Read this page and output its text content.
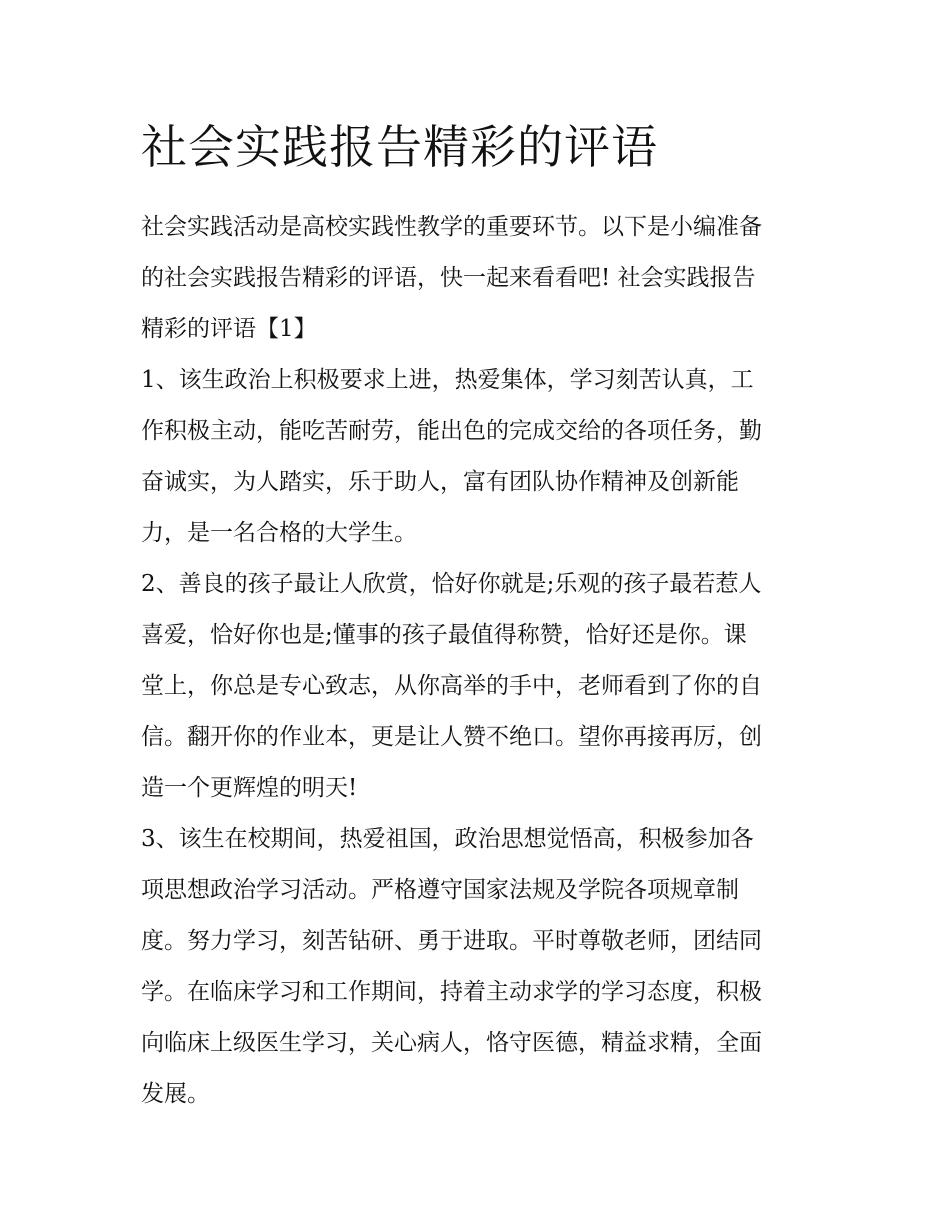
社会实践报告精彩的评语

社会实践活动是高校实践性教学的重要环节。以下是小编准备

的社会实践报告精彩的评语，快一起来看看吧! 社会实践报告

精彩的评语【1】

1、该生政治上积极要求上进，热爱集体，学习刻苦认真，工

作积极主动，能吃苦耐劳，能出色的完成交给的各项任务，勤

奋诚实，为人踏实，乐于助人，富有团队协作精神及创新能

力，是一名合格的大学生。

2、善良的孩子最让人欣赏，恰好你就是;乐观的孩子最若惹人

喜爱，恰好你也是;懂事的孩子最值得称赞，恰好还是你。课

堂上，你总是专心致志，从你高举的手中，老师看到了你的自

信。翻开你的作业本，更是让人赞不绝口。望你再接再厉，创

造一个更辉煌的明天!

3、该生在校期间，热爱祖国，政治思想觉悟高，积极参加各

项思想政治学习活动。严格遵守国家法规及学院各项规章制

度。努力学习，刻苦钻研、勇于进取。平时尊敬老师，团结同

学。在临床学习和工作期间，持着主动求学的学习态度，积极

向临床上级医生学习，关心病人，恪守医德，精益求精，全面

发展。
